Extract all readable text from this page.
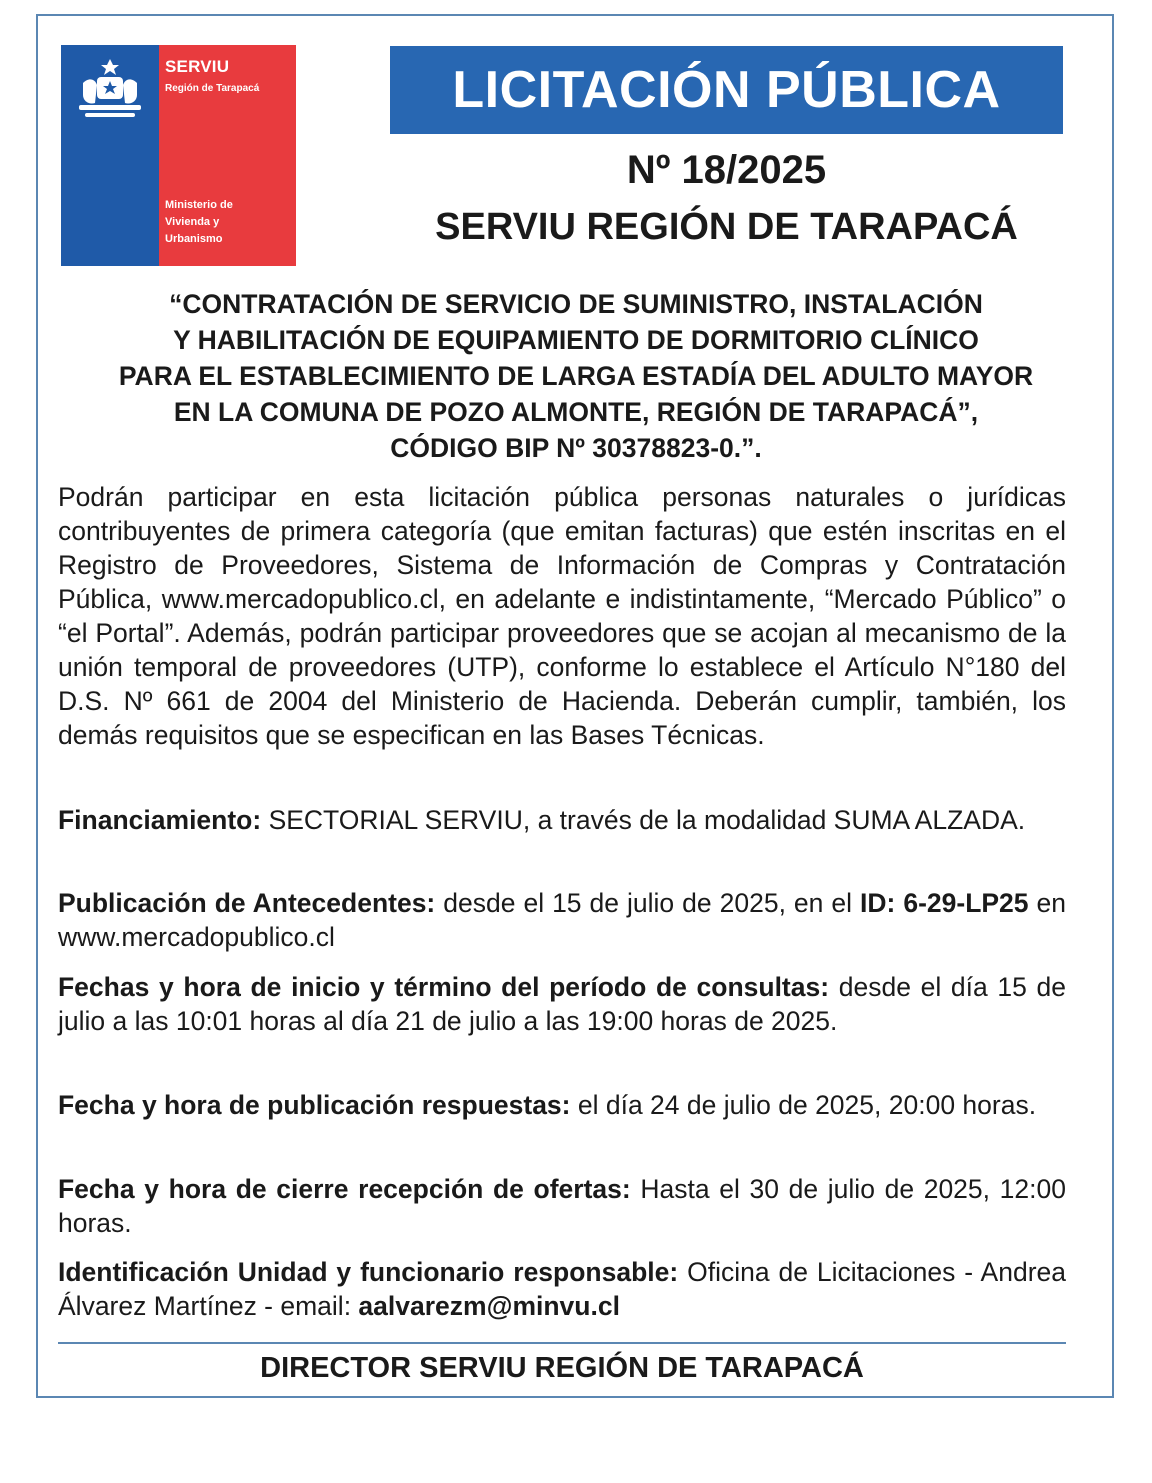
SERVIU
Región de Tarapacá
Ministerio de
Vivienda y
Urbanismo
LICITACIÓN PÚBLICA
Nº 18/2025
SERVIU REGIÓN DE TARAPACÁ
“CONTRATACIÓN DE SERVICIO DE SUMINISTRO, INSTALACIÓN
Y HABILITACIÓN DE EQUIPAMIENTO DE DORMITORIO CLÍNICO
PARA EL ESTABLECIMIENTO DE LARGA ESTADÍA DEL ADULTO MAYOR
EN LA COMUNA DE POZO ALMONTE, REGIÓN DE TARAPACÁ”,
CÓDIGO BIP Nº 30378823-0.”.
Podrán participar en esta licitación pública personas naturales o jurídicas contribuyentes de primera categoría (que emitan facturas) que estén inscritas en el Registro de Proveedores, Sistema de Información de Compras y Contratación Pública, www.mercadopublico.cl, en adelante e indistintamente, “Mercado Público” o “el Portal”. Además, podrán participar proveedores que se acojan al mecanismo de la unión temporal de proveedores (UTP), conforme lo establece el Artículo N°180 del D.S. Nº 661 de 2004 del Ministerio de Hacienda. Deberán cumplir, también, los demás requisitos que se especifican en las Bases Técnicas.
Financiamiento: SECTORIAL SERVIU, a través de la modalidad SUMA ALZADA.
Publicación de Antecedentes: desde el 15 de julio de 2025, en el ID: 6-29-LP25 en www.mercadopublico.cl
Fechas y hora de inicio y término del período de consultas: desde el día 15 de julio a las 10:01 horas al día 21 de julio a las 19:00 horas de 2025.
Fecha y hora de publicación respuestas: el día 24 de julio de 2025, 20:00 horas.
Fecha y hora de cierre recepción de ofertas: Hasta el 30 de julio de 2025, 12:00 horas.
Identificación Unidad y funcionario responsable: Oficina de Licitaciones - Andrea Álvarez Martínez - email: aalvarezm@minvu.cl
DIRECTOR SERVIU REGIÓN DE TARAPACÁ
